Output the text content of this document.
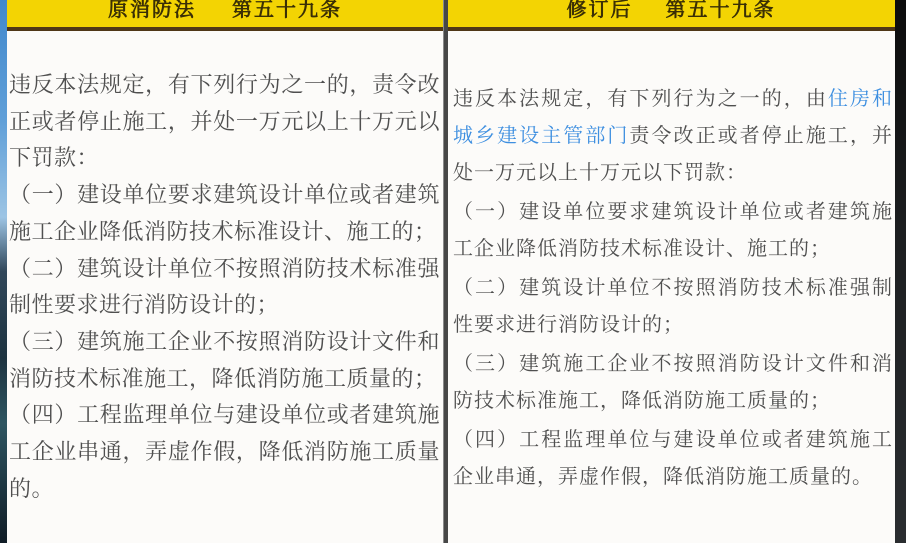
原消防法 第五十九条

违反本法规定，有下列行为之一的，责令改正或者停止施工，并处一万元以上十万元以下罚款：

（一）建设单位要求建筑设计单位或者建筑施工企业降低消防技术标准设计、施工的；

（二）建筑设计单位不按照消防技术标准强制性要求进行消防设计的；

（三）建筑施工企业不按照消防设计文件和消防技术标准施工，降低消防施工质量的；

（四）工程监理单位与建设单位或者建筑施工企业串通，弄虚作假，降低消防施工质量的。

修订后 第五十九条

违反本法规定，有下列行为之一的，由住房和城乡建设主管部门责令改正或者停止施工，并处一万元以上十万元以下罚款：

（一）建设单位要求建筑设计单位或者建筑施工企业降低消防技术标准设计、施工的；

（二）建筑设计单位不按照消防技术标准强制性要求进行消防设计的；

（三）建筑施工企业不按照消防设计文件和消防技术标准施工，降低消防施工质量的；

（四）工程监理单位与建设单位或者建筑施工企业串通，弄虚作假，降低消防施工质量的。
